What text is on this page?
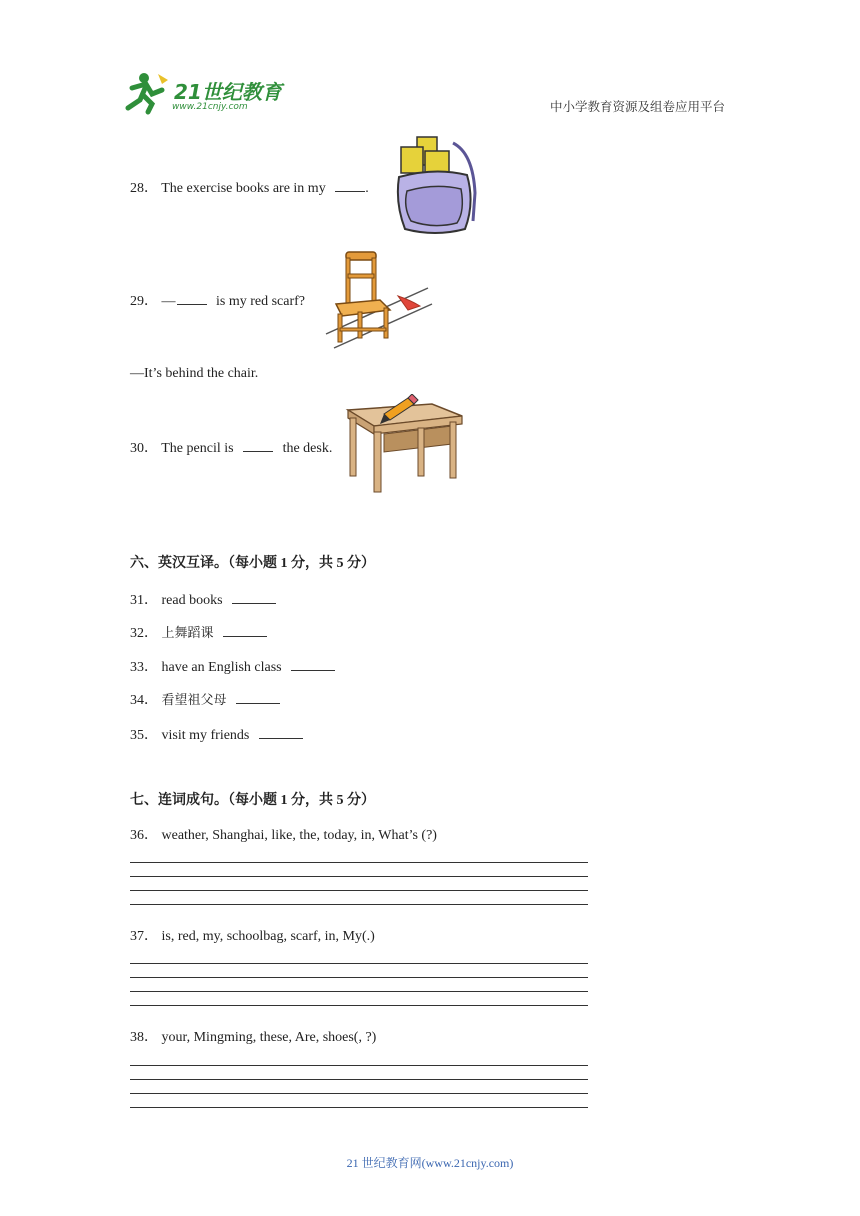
21世纪教育
www.21cnjy.com	中小学教育资源及组卷应用平台
28． The exercise books are in my	.
29． —	is my red scarf?
—It’s behind the chair.
30． The pencil is	the desk.
六、英汉互译。（每小题 1 分，共 5 分）
31． read books
32． 上舞蹈课
33． have an English class
34． 看望祖父母
35． visit my friends
七、连词成句。（每小题 1 分，共 5 分）
36． weather, Shanghai, like, the, today, in, What’s (?)
37． is, red, my, schoolbag, scarf, in, My(.)
38． your, Mingming, these, Are, shoes(, ?)
21 世纪教育网(www.21cnjy.com)
